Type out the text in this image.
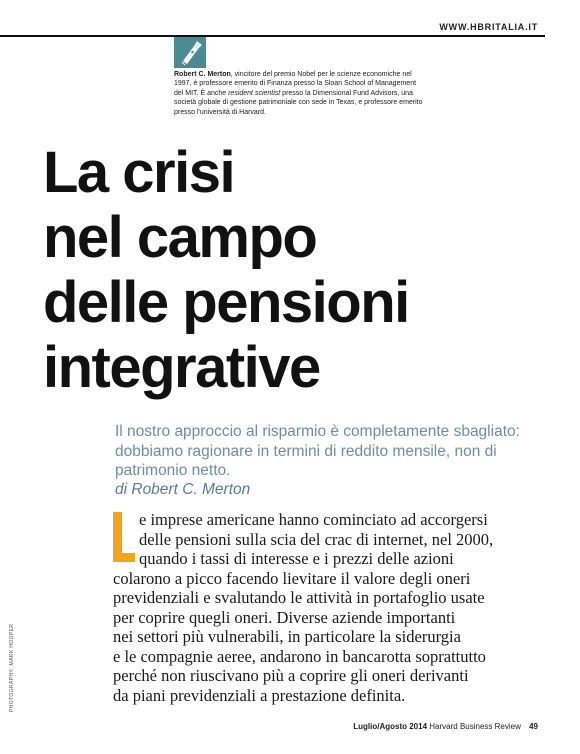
WWW.HBRITALIA.IT
Robert C. Merton, vincitore del premio Nobel per le scienze economiche nel 1997, è professore emerito di Finanza presso la Sloan School of Management del MIT. È anche resident scientist presso la Dimensional Fund Advisors, una società globale di gestione patrimoniale con sede in Texas, e professore emerito presso l'università di Harvard.
La crisi
nel campo
delle pensioni
integrative
Il nostro approccio al risparmio è completamente sbagliato: dobbiamo ragionare in termini di reddito mensile, non di patrimonio netto.
di Robert C. Merton
e imprese americane hanno cominciato ad accorgersi
delle pensioni sulla scia del crac di internet, nel 2000,
quando i tassi di interesse e i prezzi delle azioni
colarono a picco facendo lievitare il valore degli oneri
previdenziali e svalutando le attività in portafoglio usate
per coprire quegli oneri. Diverse aziende importanti
nei settori più vulnerabili, in particolare la siderurgia
e le compagnie aeree, andarono in bancarotta soprattutto
perché non riuscivano più a coprire gli oneri derivanti
da piani previdenziali a prestazione definita.
PHOTOGRAPHY: MARK HOOPER
Luglio/Agosto 2014 Harvard Business Review 49
